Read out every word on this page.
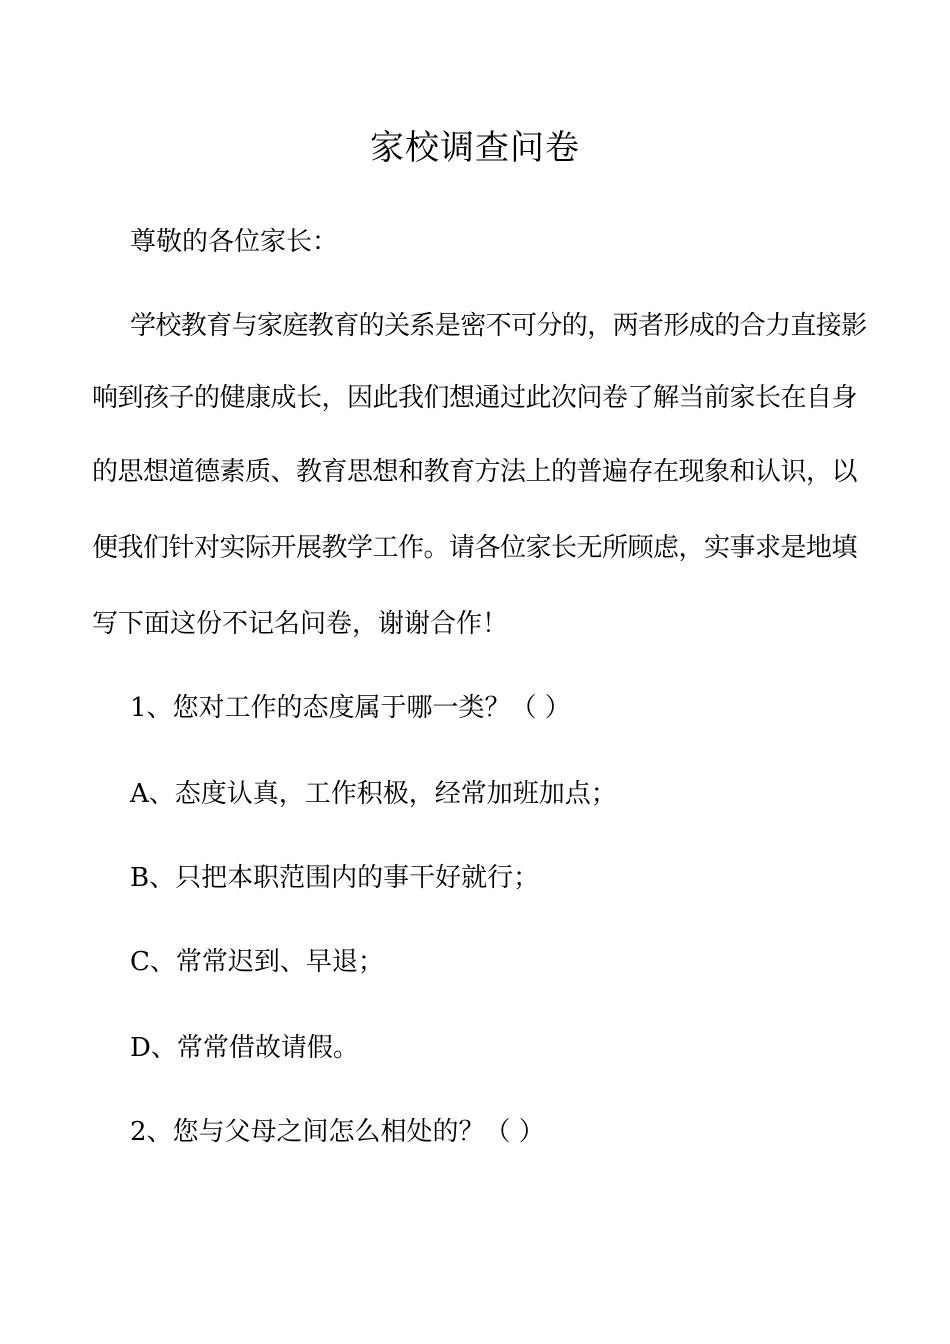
家校调查问卷
尊敬的各位家长：
学校教育与家庭教育的关系是密不可分的，两者形成的合力直接影
响到孩子的健康成长，因此我们想通过此次问卷了解当前家长在自身
的思想道德素质、教育思想和教育方法上的普遍存在现象和认识，以
便我们针对实际开展教学工作。请各位家长无所顾虑，实事求是地填
写下面这份不记名问卷，谢谢合作！
1、您对工作的态度属于哪一类？（ ）
A、态度认真，工作积极，经常加班加点；
B、只把本职范围内的事干好就行；
C、常常迟到、早退；
D、常常借故请假。
2、您与父母之间怎么相处的？（ ）
